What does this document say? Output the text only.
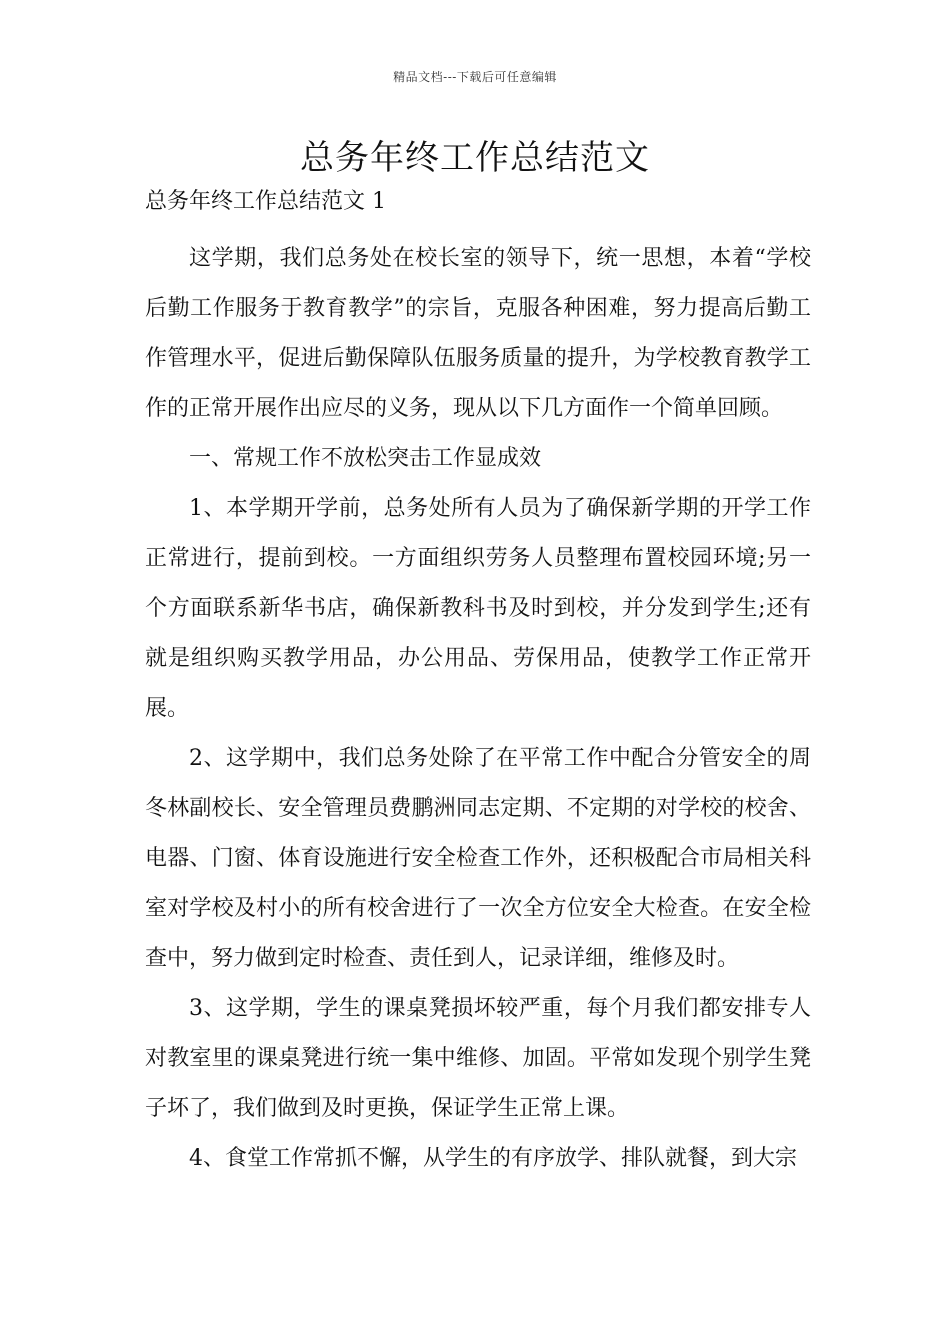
精品文档---下载后可任意编辑
总务年终工作总结范文
总务年终工作总结范文 1

这学期，我们总务处在校长室的领导下，统一思想，本着“学校后勤工作服务于教育教学”的宗旨，克服各种困难，努力提高后勤工作管理水平，促进后勤保障队伍服务质量的提升，为学校教育教学工作的正常开展作出应尽的义务，现从以下几方面作一个简单回顾。

一、常规工作不放松突击工作显成效

1、本学期开学前，总务处所有人员为了确保新学期的开学工作正常进行，提前到校。一方面组织劳务人员整理布置校园环境;另一个方面联系新华书店，确保新教科书及时到校，并分发到学生;还有就是组织购买教学用品，办公用品、劳保用品，使教学工作正常开展。

2、这学期中，我们总务处除了在平常工作中配合分管安全的周冬林副校长、安全管理员费鹏洲同志定期、不定期的对学校的校舍、电器、门窗、体育设施进行安全检查工作外，还积极配合市局相关科室对学校及村小的所有校舍进行了一次全方位安全大检查。在安全检查中，努力做到定时检查、责任到人，记录详细，维修及时。

3、这学期，学生的课桌凳损坏较严重，每个月我们都安排专人对教室里的课桌凳进行统一集中维修、加固。平常如发现个别学生凳子坏了，我们做到及时更换，保证学生正常上课。

4、食堂工作常抓不懈，从学生的有序放学、排队就餐，到大宗
